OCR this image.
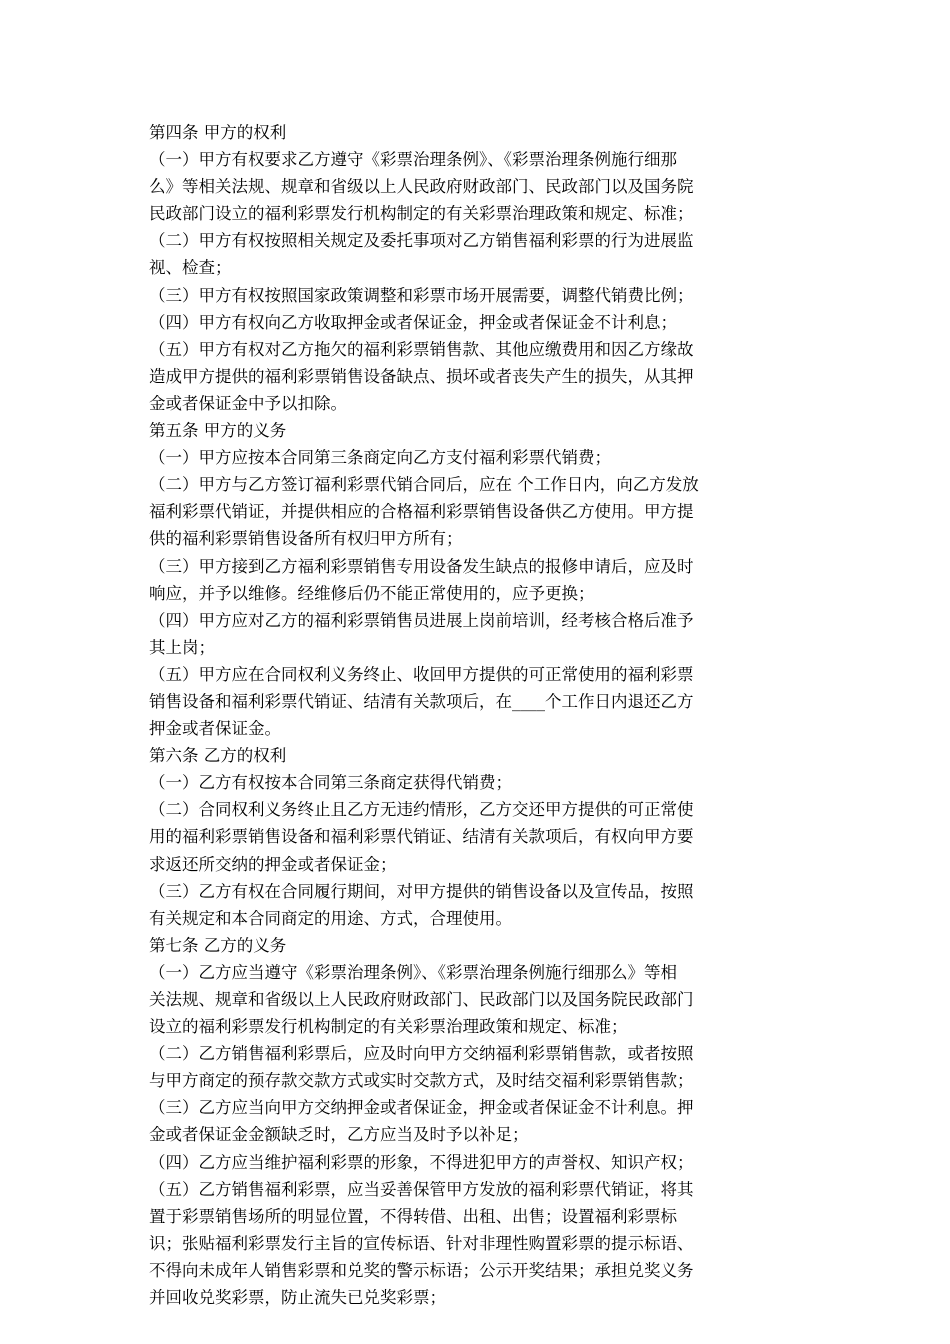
第四条 甲方的权利
（一）甲方有权要求乙方遵守《彩票治理条例》、《彩票治理条例施行细那
么》等相关法规、规章和省级以上人民政府财政部门、民政部门以及国务院
民政部门设立的福利彩票发行机构制定的有关彩票治理政策和规定、标准；
（二）甲方有权按照相关规定及委托事项对乙方销售福利彩票的行为进展监
视、检查；
（三）甲方有权按照国家政策调整和彩票市场开展需要，调整代销费比例；
（四）甲方有权向乙方收取押金或者保证金，押金或者保证金不计利息；
（五）甲方有权对乙方拖欠的福利彩票销售款、其他应缴费用和因乙方缘故
造成甲方提供的福利彩票销售设备缺点、损坏或者丧失产生的损失，从其押
金或者保证金中予以扣除。
第五条 甲方的义务
（一）甲方应按本合同第三条商定向乙方支付福利彩票代销费；
（二）甲方与乙方签订福利彩票代销合同后，应在 个工作日内，向乙方发放
福利彩票代销证，并提供相应的合格福利彩票销售设备供乙方使用。甲方提
供的福利彩票销售设备所有权归甲方所有；
（三）甲方接到乙方福利彩票销售专用设备发生缺点的报修申请后，应及时
响应，并予以维修。经维修后仍不能正常使用的，应予更换；
（四）甲方应对乙方的福利彩票销售员进展上岗前培训，经考核合格后准予
其上岗；
（五）甲方应在合同权利义务终止、收回甲方提供的可正常使用的福利彩票
销售设备和福利彩票代销证、结清有关款项后，在____个工作日内退还乙方
押金或者保证金。
第六条 乙方的权利
（一）乙方有权按本合同第三条商定获得代销费；
（二）合同权利义务终止且乙方无违约情形，乙方交还甲方提供的可正常使
用的福利彩票销售设备和福利彩票代销证、结清有关款项后，有权向甲方要
求返还所交纳的押金或者保证金；
（三）乙方有权在合同履行期间，对甲方提供的销售设备以及宣传品，按照
有关规定和本合同商定的用途、方式，合理使用。
第七条 乙方的义务
（一）乙方应当遵守《彩票治理条例》、《彩票治理条例施行细那么》等相
关法规、规章和省级以上人民政府财政部门、民政部门以及国务院民政部门
设立的福利彩票发行机构制定的有关彩票治理政策和规定、标准；
（二）乙方销售福利彩票后，应及时向甲方交纳福利彩票销售款，或者按照
与甲方商定的预存款交款方式或实时交款方式，及时结交福利彩票销售款；
（三）乙方应当向甲方交纳押金或者保证金，押金或者保证金不计利息。押
金或者保证金金额缺乏时，乙方应当及时予以补足；
（四）乙方应当维护福利彩票的形象，不得进犯甲方的声誉权、知识产权；
（五）乙方销售福利彩票，应当妥善保管甲方发放的福利彩票代销证，将其
置于彩票销售场所的明显位置，不得转借、出租、出售；设置福利彩票标
识；张贴福利彩票发行主旨的宣传标语、针对非理性购置彩票的提示标语、
不得向未成年人销售彩票和兑奖的警示标语；公示开奖结果；承担兑奖义务
并回收兑奖彩票，防止流失已兑奖彩票；
